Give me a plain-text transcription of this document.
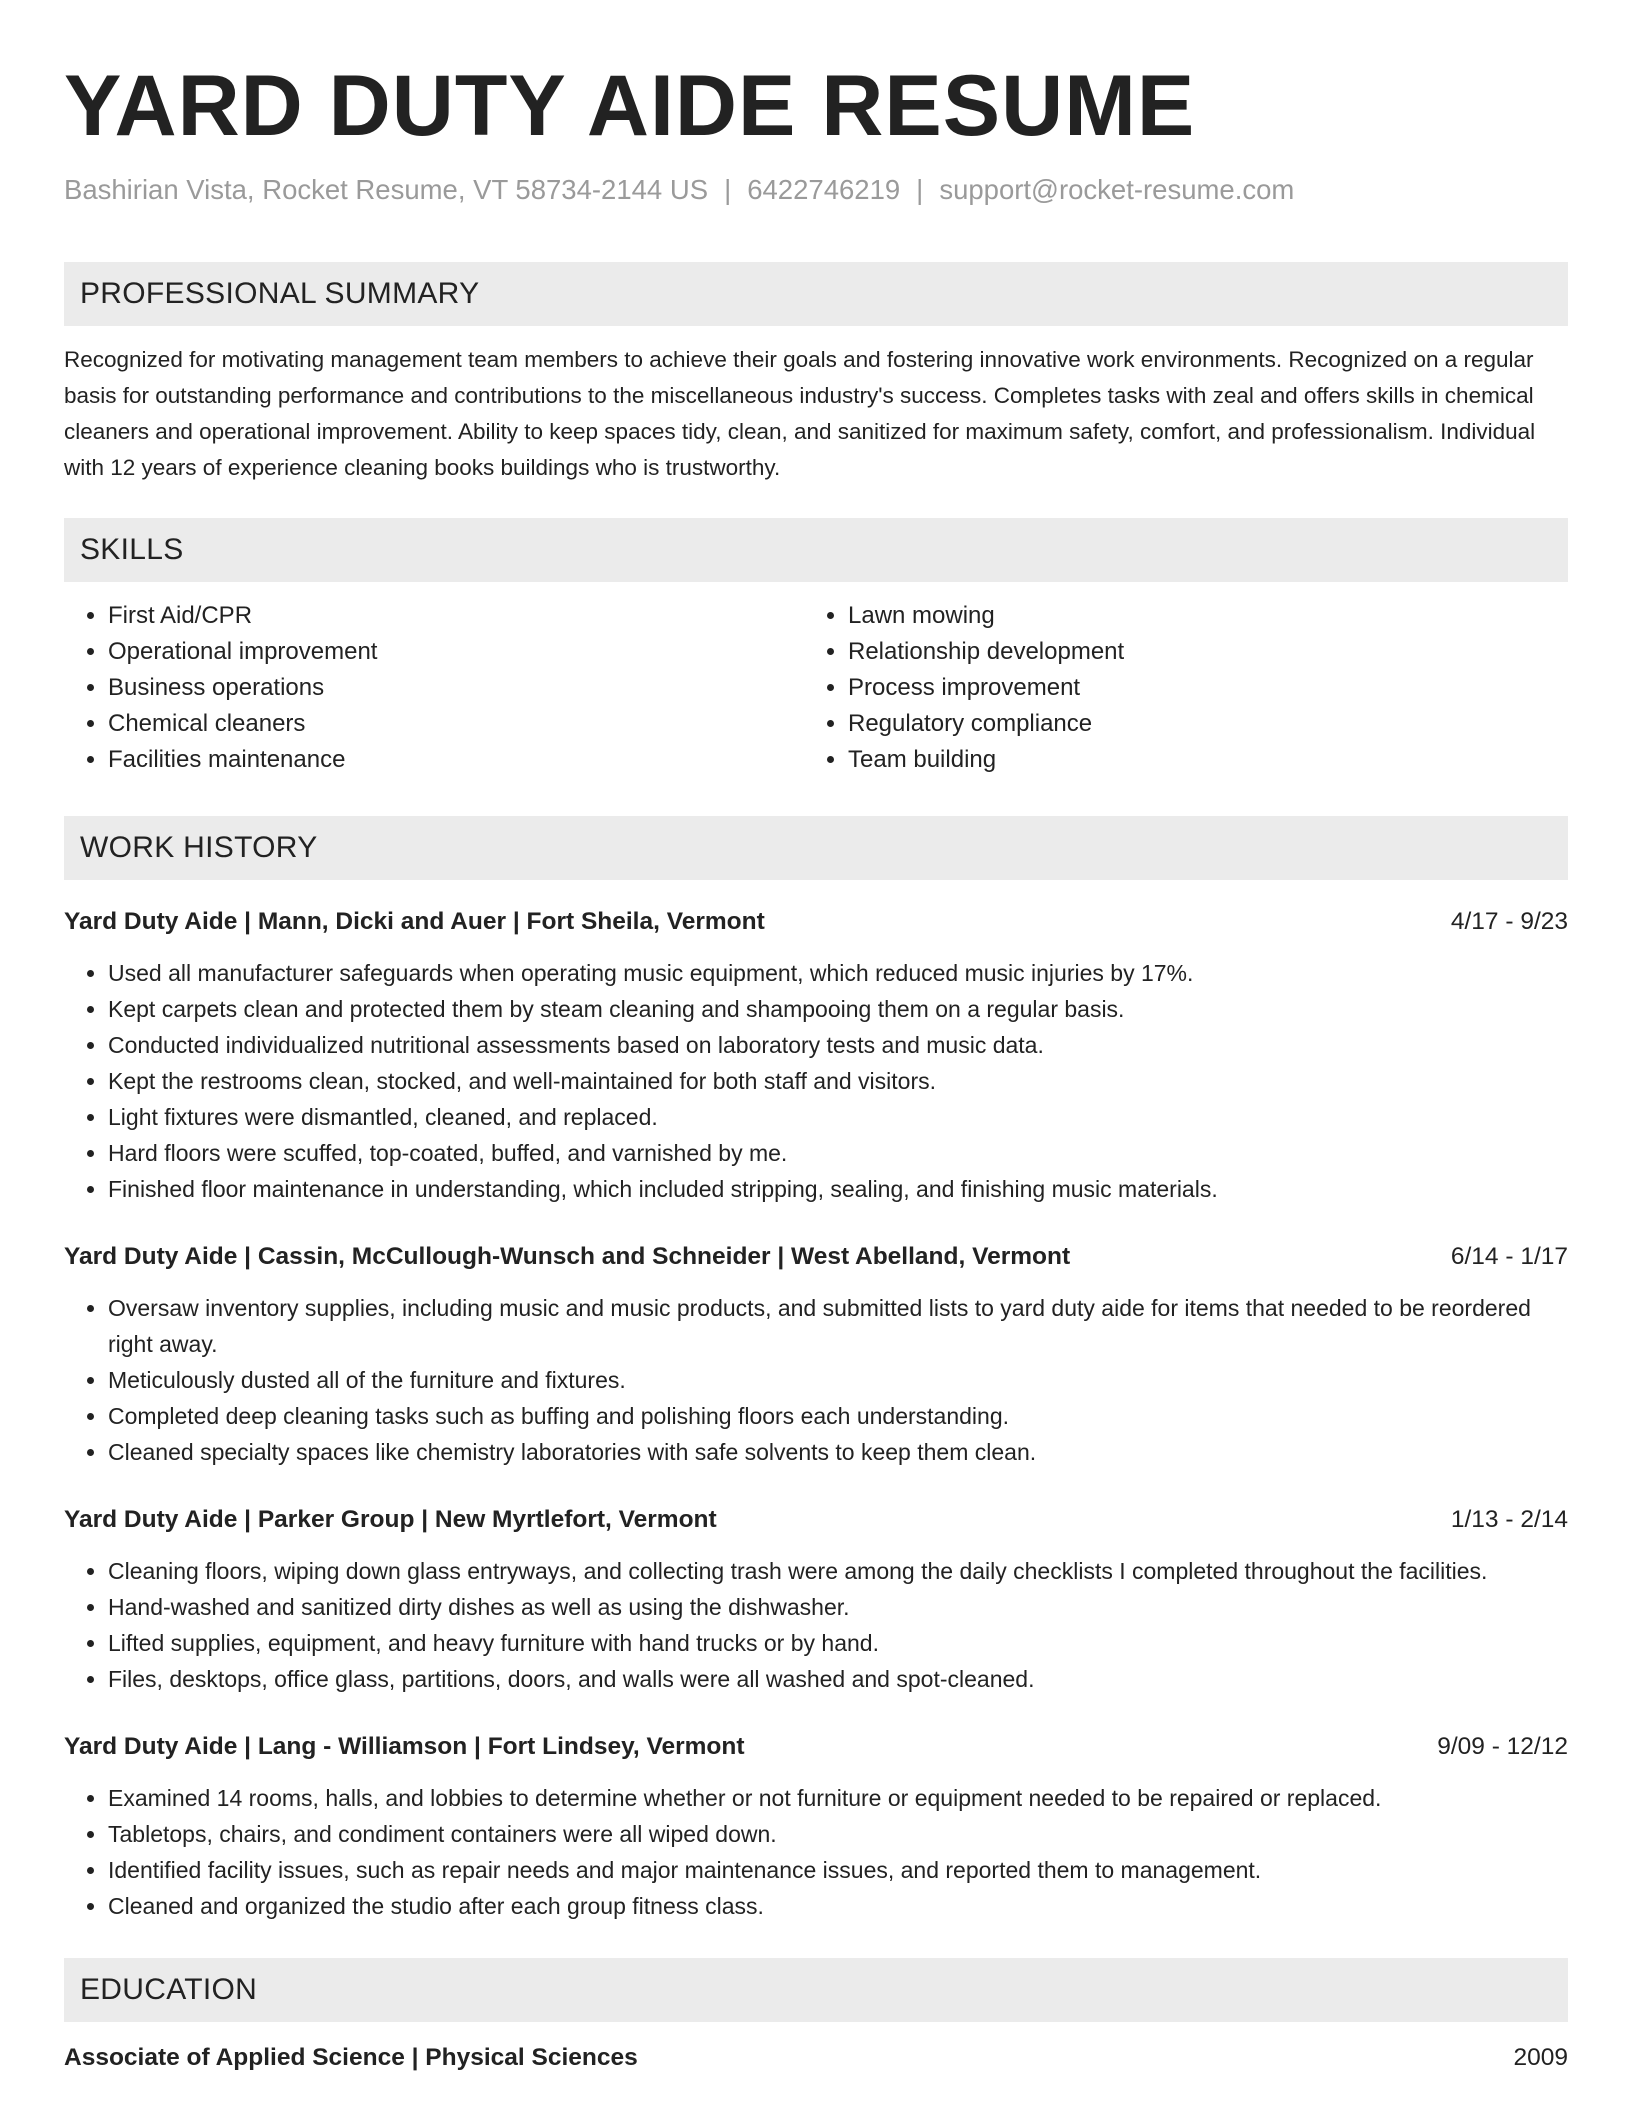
YARD DUTY AIDE RESUME
Bashirian Vista, Rocket Resume, VT 58734-2144 US | 6422746219 | support@rocket-resume.com
PROFESSIONAL SUMMARY

Recognized for motivating management team members to achieve their goals and fostering innovative work environments. Recognized on a regular basis for outstanding performance and contributions to the miscellaneous industry's success. Completes tasks with zeal and offers skills in chemical cleaners and operational improvement. Ability to keep spaces tidy, clean, and sanitized for maximum safety, comfort, and professionalism. Individual with 12 years of experience cleaning books buildings who is trustworthy.

SKILLS
• First Aid/CPR
• Operational improvement
• Business operations
• Chemical cleaners
• Facilities maintenance
• Lawn mowing
• Relationship development
• Process improvement
• Regulatory compliance
• Team building
WORK HISTORY
Yard Duty Aide | Mann, Dicki and Auer | Fort Sheila, Vermont	4/17 - 9/23
• Used all manufacturer safeguards when operating music equipment, which reduced music injuries by 17%.
• Kept carpets clean and protected them by steam cleaning and shampooing them on a regular basis.
• Conducted individualized nutritional assessments based on laboratory tests and music data.
• Kept the restrooms clean, stocked, and well-maintained for both staff and visitors.
• Light fixtures were dismantled, cleaned, and replaced.
• Hard floors were scuffed, top-coated, buffed, and varnished by me.
• Finished floor maintenance in understanding, which included stripping, sealing, and finishing music materials.
Yard Duty Aide | Cassin, McCullough-Wunsch and Schneider | West Abelland, Vermont	6/14 - 1/17
• Oversaw inventory supplies, including music and music products, and submitted lists to yard duty aide for items that needed to be reordered right away.
• Meticulously dusted all of the furniture and fixtures.
• Completed deep cleaning tasks such as buffing and polishing floors each understanding.
• Cleaned specialty spaces like chemistry laboratories with safe solvents to keep them clean.
Yard Duty Aide | Parker Group | New Myrtlefort, Vermont	1/13 - 2/14
• Cleaning floors, wiping down glass entryways, and collecting trash were among the daily checklists I completed throughout the facilities.
• Hand-washed and sanitized dirty dishes as well as using the dishwasher.
• Lifted supplies, equipment, and heavy furniture with hand trucks or by hand.
• Files, desktops, office glass, partitions, doors, and walls were all washed and spot-cleaned.
Yard Duty Aide | Lang - Williamson | Fort Lindsey, Vermont	9/09 - 12/12
• Examined 14 rooms, halls, and lobbies to determine whether or not furniture or equipment needed to be repaired or replaced.
• Tabletops, chairs, and condiment containers were all wiped down.
• Identified facility issues, such as repair needs and major maintenance issues, and reported them to management.
• Cleaned and organized the studio after each group fitness class.
EDUCATION
Associate of Applied Science | Physical Sciences	2009
